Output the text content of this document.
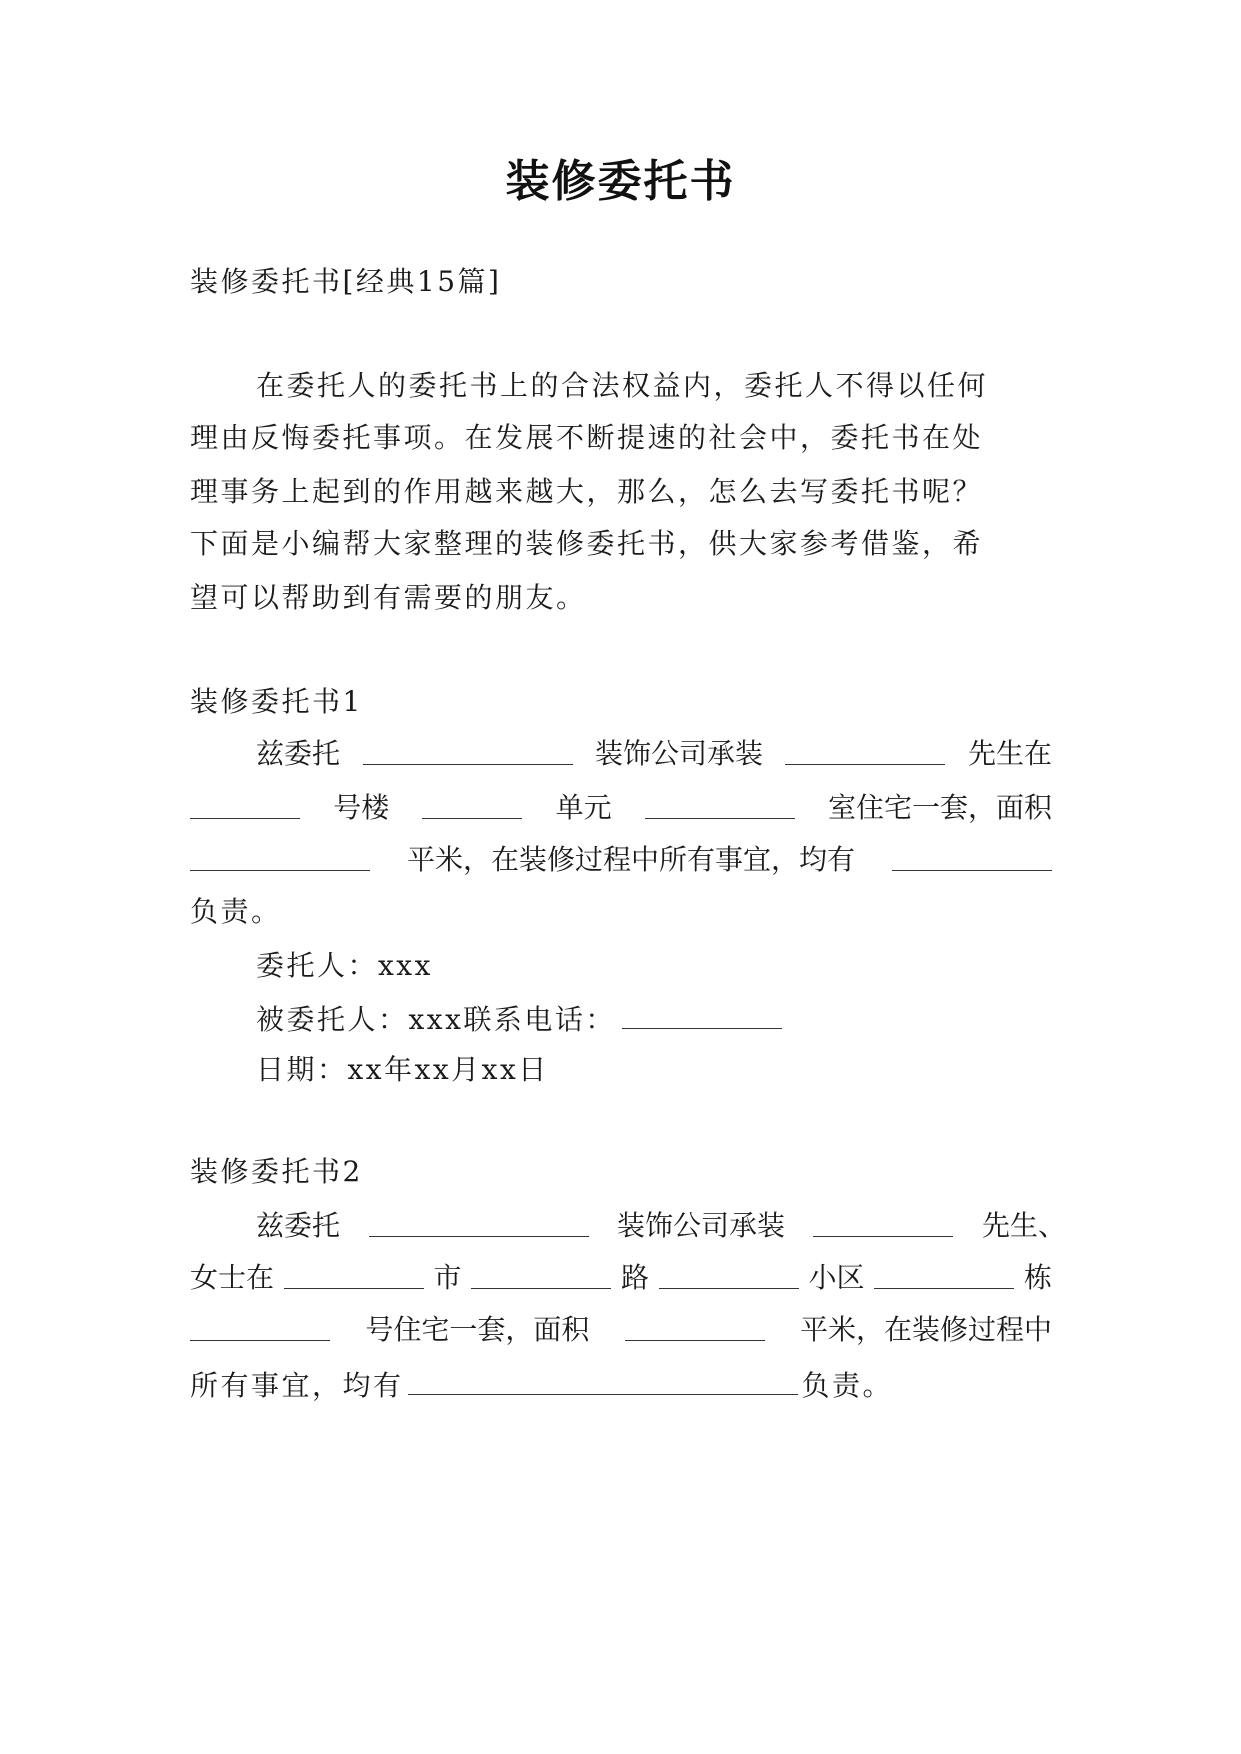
装修委托书
装修委托书[经典15篇]
在委托人的委托书上的合法权益内，委托人不得以任何
理由反悔委托事项。在发展不断提速的社会中，委托书在处
理事务上起到的作用越来越大，那么，怎么去写委托书呢？
下面是小编帮大家整理的装修委托书，供大家参考借鉴，希
望可以帮助到有需要的朋友。
装修委托书1
兹委托	装饰公司承装	先生在
号楼	单元	室住宅一套，面积
平米，在装修过程中所有事宜，均有
负责。
委托人：xxx
被委托人：xxx联系电话：
日期：xx年xx月xx日
装修委托书2
兹委托	装饰公司承装	先生、
女士在	市	路	小区	栋
号住宅一套，面积	平米，在装修过程中
所有事宜，均有	负责。
